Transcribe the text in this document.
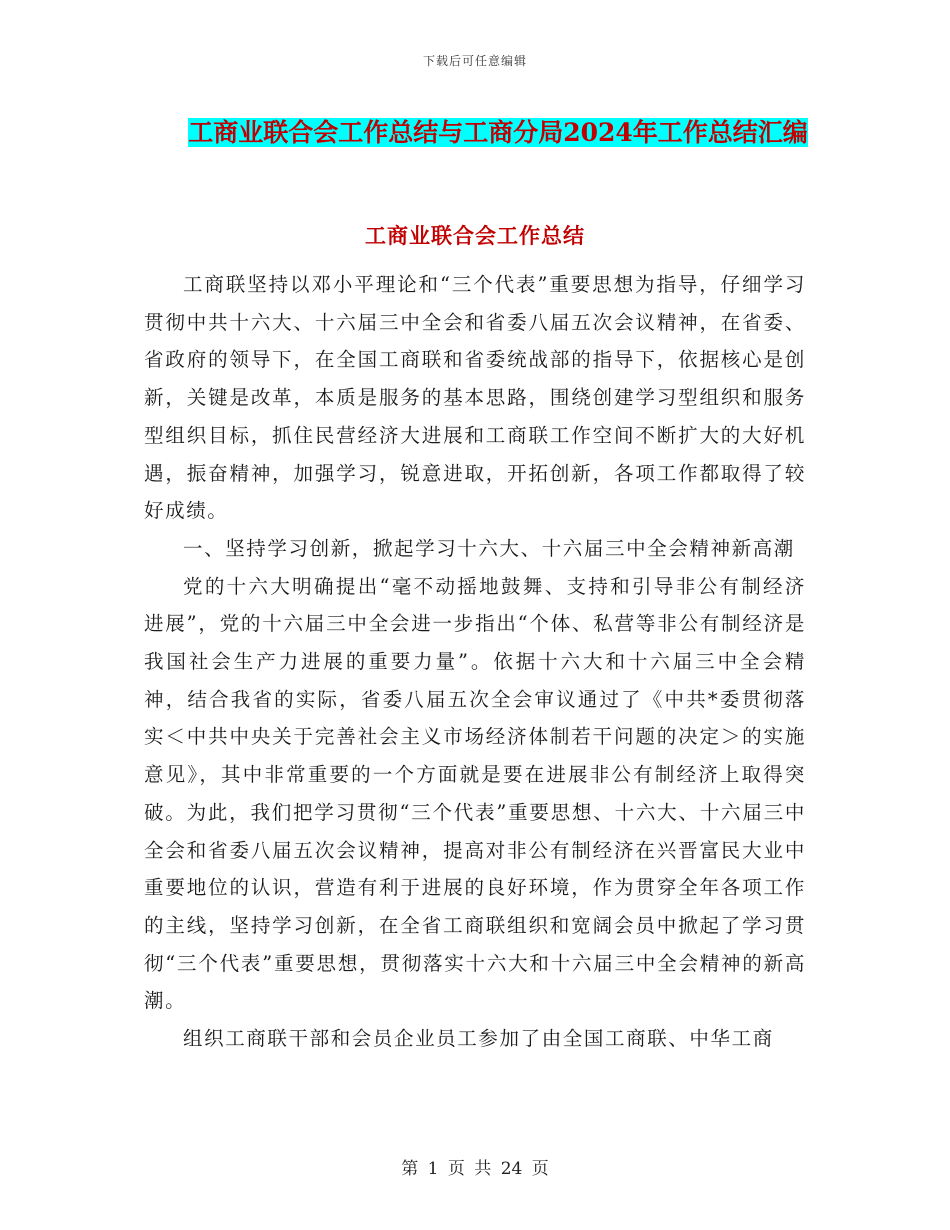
下载后可任意编辑
工商业联合会工作总结与工商分局2024年工作总结汇编
工商业联合会工作总结

工商联坚持以邓小平理论和“三个代表”重要思想为指导，仔细学习贯彻中共十六大、十六届三中全会和省委八届五次会议精神，在省委、省政府的领导下，在全国工商联和省委统战部的指导下，依据核心是创新，关键是改革，本质是服务的基本思路，围绕创建学习型组织和服务型组织目标，抓住民营经济大进展和工商联工作空间不断扩大的大好机遇，振奋精神，加强学习，锐意进取，开拓创新，各项工作都取得了较好成绩。

一、坚持学习创新，掀起学习十六大、十六届三中全会精神新高潮

党的十六大明确提出“毫不动摇地鼓舞、支持和引导非公有制经济进展”，党的十六届三中全会进一步指出“个体、私营等非公有制经济是我国社会生产力进展的重要力量”。依据十六大和十六届三中全会精神，结合我省的实际，省委八届五次全会审议通过了《中共*委贯彻落实＜中共中央关于完善社会主义市场经济体制若干问题的决定＞的实施意见》，其中非常重要的一个方面就是要在进展非公有制经济上取得突破。为此，我们把学习贯彻“三个代表”重要思想、十六大、十六届三中全会和省委八届五次会议精神，提高对非公有制经济在兴晋富民大业中重要地位的认识，营造有利于进展的良好环境，作为贯穿全年各项工作的主线，坚持学习创新，在全省工商联组织和宽阔会员中掀起了学习贯彻“三个代表”重要思想，贯彻落实十六大和十六届三中全会精神的新高潮。

组织工商联干部和会员企业员工参加了由全国工商联、中华工商

第 1 页 共 24 页
